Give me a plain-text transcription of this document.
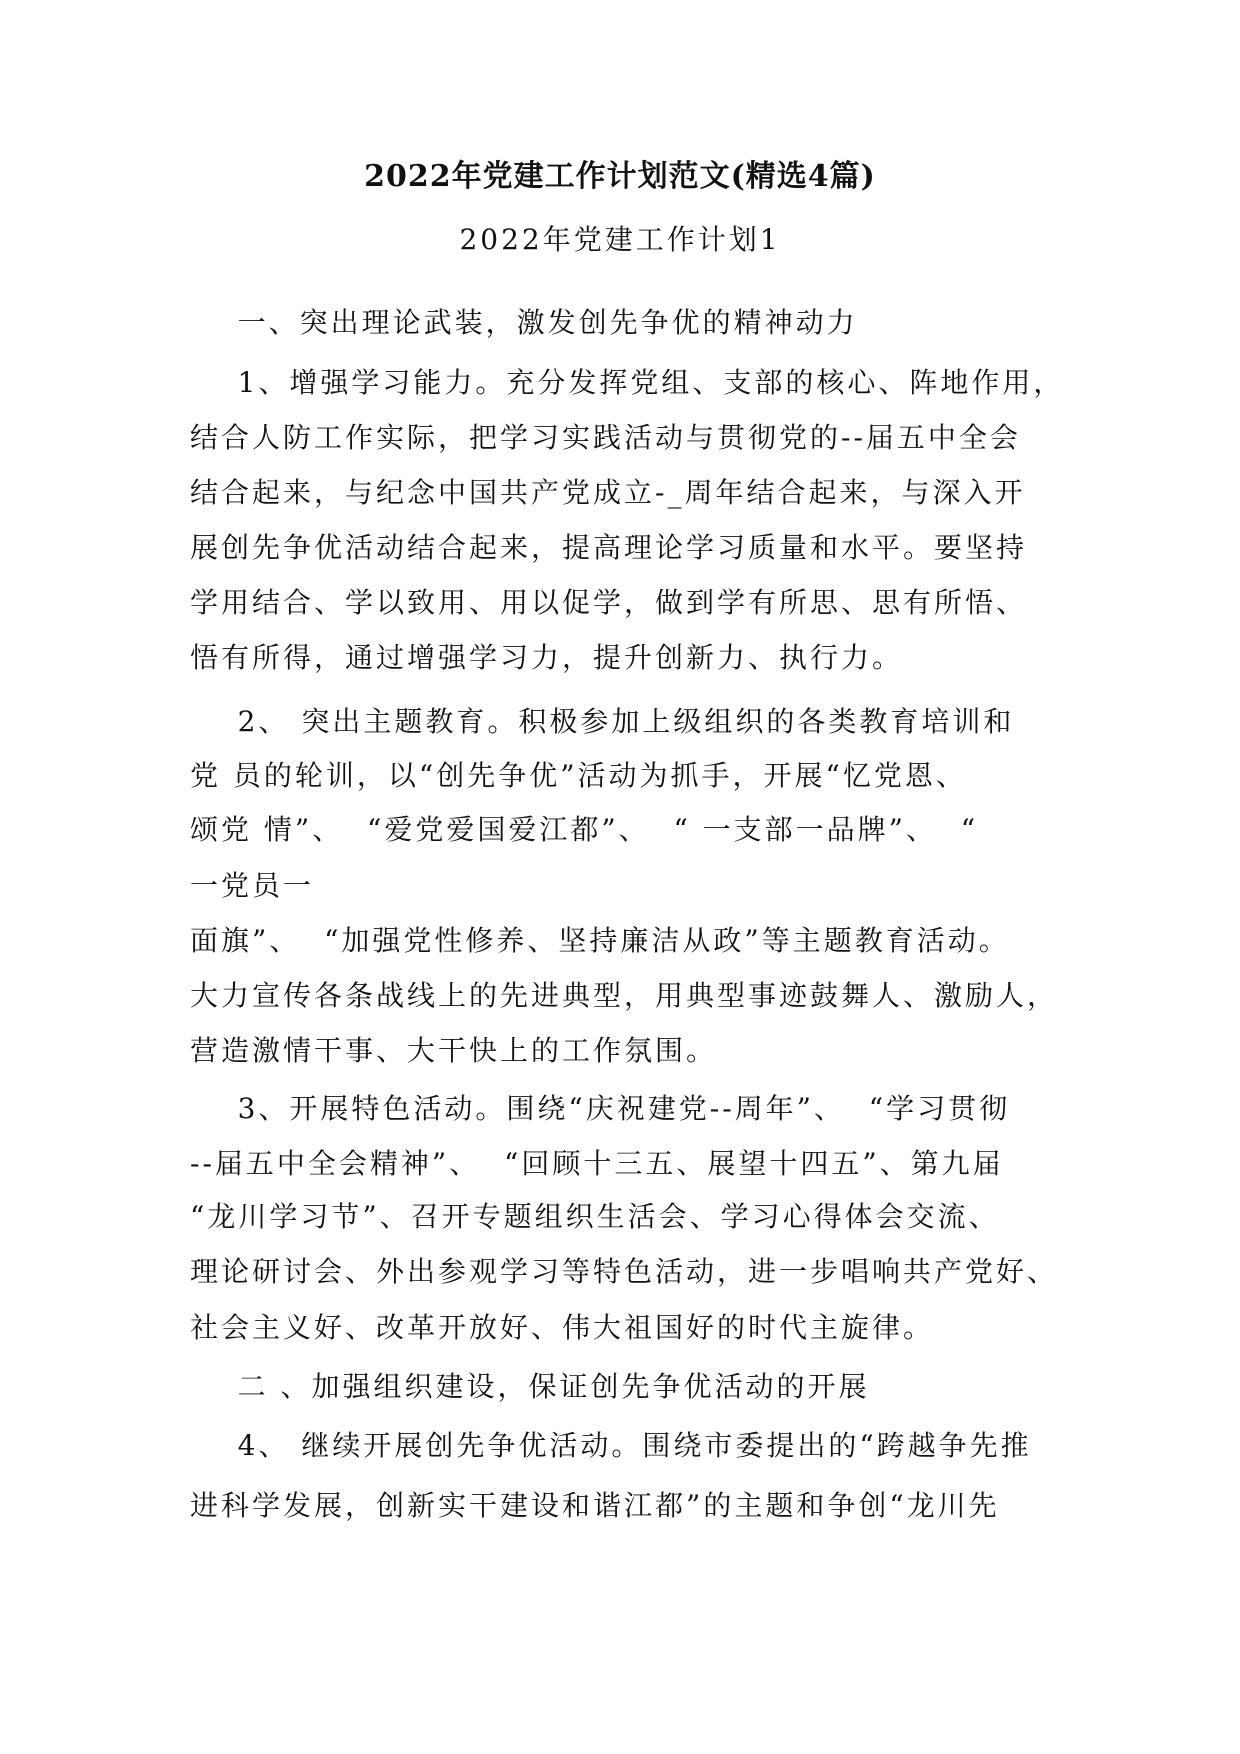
2022年党建工作计划范文(精选4篇)
2022年党建工作计划1
一、突出理论武装，激发创先争优的精神动力
1、增强学习能力。充分发挥党组、支部的核心、阵地作用，
结合人防工作实际，把学习实践活动与贯彻党的--届五中全会
结合起来，与纪念中国共产党成立-_周年结合起来，与深入开
展创先争优活动结合起来，提高理论学习质量和水平。要坚持
学用结合、学以致用、用以促学，做到学有所思、思有所悟、
悟有所得，通过增强学习力，提升创新力、执行力。
2、 突出主题教育。积极参加上级组织的各类教育培训和
党 员的轮训，以“创先争优”活动为抓手，开展“忆党恩、
颂党 情”、  “爱党爱国爱江都”、  “ 一支部一品牌”、  “
一党员一
面旗”、  “加强党性修养、坚持廉洁从政”等主题教育活动。
大力宣传各条战线上的先进典型，用典型事迹鼓舞人、激励人，
营造激情干事、大干快上的工作氛围。
3、开展特色活动。围绕“庆祝建党--周年”、  “学习贯彻
--届五中全会精神”、  “回顾十三五、展望十四五”、第九届
“龙川学习节”、召开专题组织生活会、学习心得体会交流、
理论研讨会、外出参观学习等特色活动，进一步唱响共产党好、
社会主义好、改革开放好、伟大祖国好的时代主旋律。
二 、加强组织建设，保证创先争优活动的开展
4、 继续开展创先争优活动。围绕市委提出的“跨越争先推
进科学发展，创新实干建设和谐江都”的主题和争创“龙川先
